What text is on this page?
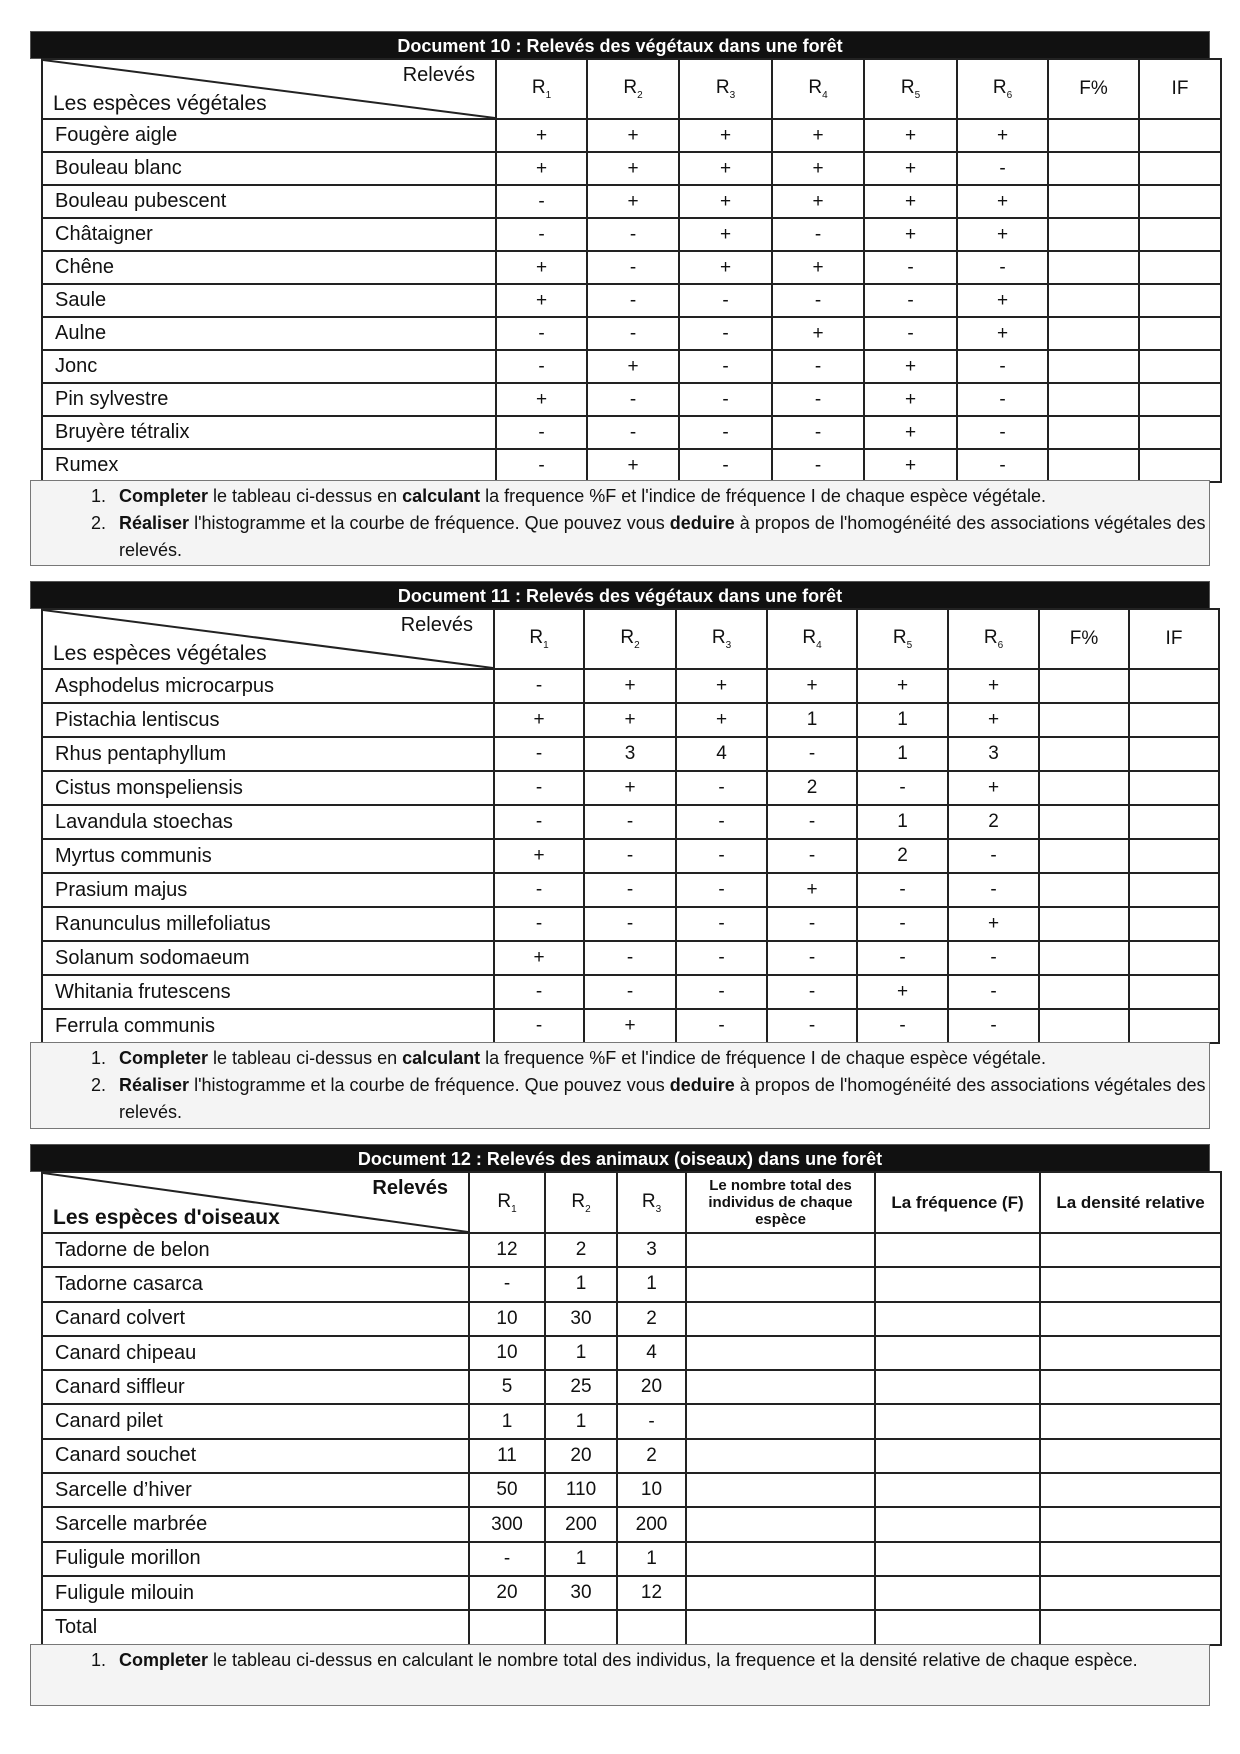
Document 10 : Relevés des végétaux dans une forêt
Relevés
Les espèces végétales	$R_1$	$R_2$	$R_3$	$R_4$	$R_5$	$R_6$	F%	IF
Fougère aigle	+	+	+	+	+	+		
Bouleau blanc	+	+	+	+	+	-		
Bouleau pubescent	-	+	+	+	+	+		
Châtaigner	-	-	+	-	+	+		
Chêne	+	-	+	+	-	-		
Saule	+	-	-	-	-	+		
Aulne	-	-	-	+	-	+		
Jonc	-	+	-	-	+	-		
Pin sylvestre	+	-	-	-	+	-		
Bruyère tétralix	-	-	-	-	+	-		
Rumex	-	+	-	-	+	-		
1. Completer le tableau ci-dessus en calculant la frequence %F et l'indice de fréquence I de chaque espèce végétale.
2. Réaliser l'histogramme et la courbe de fréquence. Que pouvez vous deduire à propos de l'homogénéité des associations végétales des relevés.
Document 11 : Relevés des végétaux dans une forêt
Relevés
Les espèces végétales	$R_1$	$R_2$	$R_3$	$R_4$	$R_5$	$R_6$	F%	IF
Asphodelus microcarpus	-	+	+	+	+	+		
Pistachia lentiscus	+	+	+	1	1	+		
Rhus pentaphyllum	-	3	4	-	1	3		
Cistus monspeliensis	-	+	-	2	-	+		
Lavandula stoechas	-	-	-	-	1	2		
Myrtus communis	+	-	-	-	2	-		
Prasium majus	-	-	-	+	-	-		
Ranunculus millefoliatus	-	-	-	-	-	+		
Solanum sodomaeum	+	-	-	-	-	-		
Whitania frutescens	-	-	-	-	+	-		
Ferrula communis	-	+	-	-	-	-		
1. Completer le tableau ci-dessus en calculant la frequence %F et l'indice de fréquence I de chaque espèce végétale.
2. Réaliser l'histogramme et la courbe de fréquence. Que pouvez vous deduire à propos de l'homogénéité des associations végétales des relevés.
Document 12 : Relevés des animaux (oiseaux) dans une forêt
Relevés
Les espèces d'oiseaux	$R_1$	$R_2$	$R_3$	Le nombre total des individus de chaque espèce	La fréquence (F)	La densité relative
Tadorne de belon	12	2	3			
Tadorne casarca	-	1	1			
Canard colvert	10	30	2			
Canard chipeau	10	1	4			
Canard siffleur	5	25	20			
Canard pilet	1	1	-			
Canard souchet	11	20	2			
Sarcelle d’hiver	50	110	10			
Sarcelle marbrée	300	200	200			
Fuligule morillon	-	1	1			
Fuligule milouin	20	30	12			
Total						
1. Completer le tableau ci-dessus en calculant le nombre total des individus, la frequence et la densité relative de chaque espèce.
